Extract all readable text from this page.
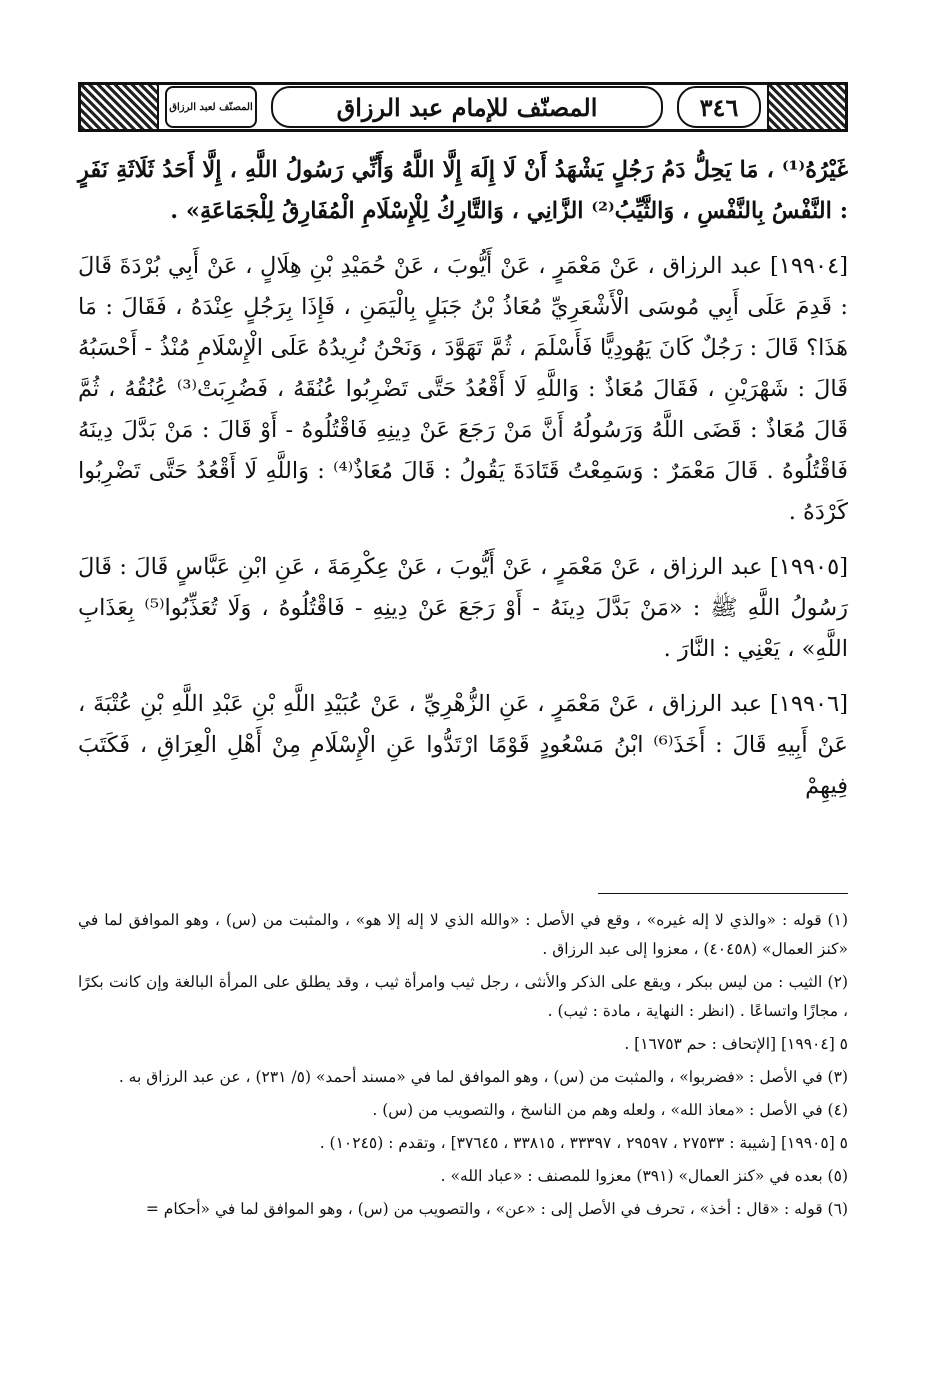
المصنّف لعبد الرزاق	المصنّف للإمام عبد الرزاق	٣٤٦

غَيْرُهُ⁽¹⁾ ، مَا يَحِلُّ دَمُ رَجُلٍ يَشْهَدُ أَنْ لَا إِلَهَ إِلَّا اللَّهُ وَأَنِّي رَسُولُ اللَّهِ ، إِلَّا أَحَدُ ثَلَاثَةِ نَفَرٍ : النَّفْسُ بِالنَّفْسِ ، وَالثَّيِّبُ⁽²⁾ الزَّانِي ، وَالتَّارِكُ لِلْإِسْلَامِ الْمُفَارِقُ لِلْجَمَاعَةِ» .

[١٩٩٠٤] عبد الرزاق ، عَنْ مَعْمَرٍ ، عَنْ أَيُّوبَ ، عَنْ حُمَيْدِ بْنِ هِلَالٍ ، عَنْ أَبِي بُرْدَةَ قَالَ : قَدِمَ عَلَى أَبِي مُوسَى الْأَشْعَرِيِّ مُعَاذُ بْنُ جَبَلٍ بِالْيَمَنِ ، فَإِذَا بِرَجُلٍ عِنْدَهُ ، فَقَالَ : مَا هَذَا؟ قَالَ : رَجُلٌ كَانَ يَهُودِيًّا فَأَسْلَمَ ، ثُمَّ تَهَوَّدَ ، وَنَحْنُ نُرِيدُهُ عَلَى الْإِسْلَامِ مُنْذُ - أَحْسَبُهُ قَالَ : شَهْرَيْنِ ، فَقَالَ مُعَاذٌ : وَاللَّهِ لَا أَقْعُدُ حَتَّى تَضْرِبُوا عُنُقَهُ ، فَضُرِبَتْ⁽³⁾ عُنُقُهُ ، ثُمَّ قَالَ مُعَاذٌ : قَضَى اللَّهُ وَرَسُولُهُ أَنَّ مَنْ رَجَعَ عَنْ دِينِهِ فَاقْتُلُوهُ - أَوْ قَالَ : مَنْ بَدَّلَ دِينَهُ فَاقْتُلُوهُ . قَالَ مَعْمَرٌ : وَسَمِعْتُ قَتَادَةَ يَقُولُ : قَالَ مُعَاذٌ⁽⁴⁾ : وَاللَّهِ لَا أَقْعُدُ حَتَّى تَضْرِبُوا كَرْدَهُ .

[١٩٩٠٥] عبد الرزاق ، عَنْ مَعْمَرٍ ، عَنْ أَيُّوبَ ، عَنْ عِكْرِمَةَ ، عَنِ ابْنِ عَبَّاسٍ قَالَ : قَالَ رَسُولُ اللَّهِ ﷺ : «مَنْ بَدَّلَ دِينَهُ - أَوْ رَجَعَ عَنْ دِينِهِ - فَاقْتُلُوهُ ، وَلَا تُعَذِّبُوا⁽⁵⁾ بِعَذَابِ اللَّهِ» ، يَعْنِي : النَّارَ .

[١٩٩٠٦] عبد الرزاق ، عَنْ مَعْمَرٍ ، عَنِ الزُّهْرِيِّ ، عَنْ عُبَيْدِ اللَّهِ بْنِ عَبْدِ اللَّهِ بْنِ عُتْبَةَ ، عَنْ أَبِيهِ قَالَ : أَخَذَ⁽⁶⁾ ابْنُ مَسْعُودٍ قَوْمًا ارْتَدُّوا عَنِ الْإِسْلَامِ مِنْ أَهْلِ الْعِرَاقِ ، فَكَتَبَ فِيهِمْ

(١) قوله : «والذي لا إله غيره» ، وقع في الأصل : «والله الذي لا إله إلا هو» ، والمثبت من (س) ، وهو الموافق لما في «كنز العمال» (٤٠٤٥٨) ، معزوا إلى عبد الرزاق .

(٢) الثيب : من ليس ببكر ، ويقع على الذكر والأنثى ، رجل ثيب وامرأة ثيب ، وقد يطلق على المرأة البالغة وإن كانت بكرًا ، مجازًا واتساعًا . (انظر : النهاية ، مادة : ثيب) .

٥ [١٩٩٠٤] [الإتحاف : حم ١٦٧٥٣] .

(٣) في الأصل : «فضربوا» ، والمثبت من (س) ، وهو الموافق لما في «مسند أحمد» (٥/ ٢٣١) ، عن عبد الرزاق به .

(٤) في الأصل : «معاذ الله» ، ولعله وهم من الناسخ ، والتصويب من (س) .

٥ [١٩٩٠٥] [شيبة : ٢٧٥٣٣ ، ٢٩٥٩٧ ، ٣٣٣٩٧ ، ٣٣٨١٥ ، ٣٧٦٤٥] ، وتقدم : (١٠٢٤٥) .

(٥) بعده في «كنز العمال» (٣٩١) معزوا للمصنف : «عباد الله» .

(٦) قوله : «قال : أخذ» ، تحرف في الأصل إلى : «عن» ، والتصويب من (س) ، وهو الموافق لما في «أحكام =
